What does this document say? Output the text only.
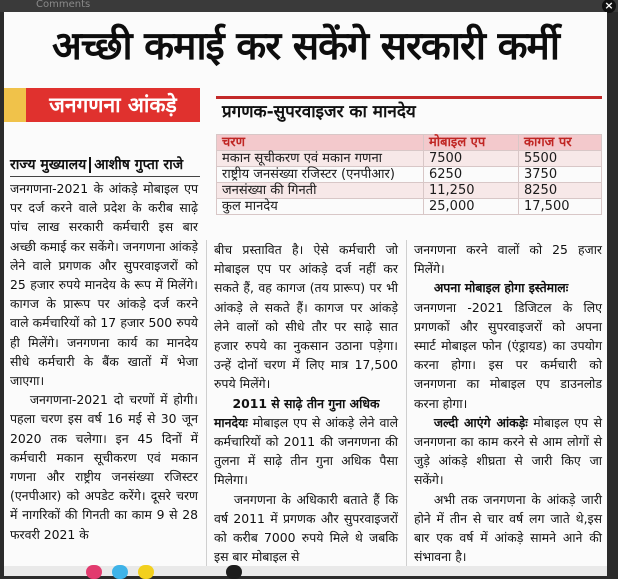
Comments	×
अच्छी कमाई कर सकेंगे सरकारी कर्मी
जनगणना आंकड़े	प्रगणक-सुपरवाइजर का मानदेय
चरण	मोबाइल एप	कागज पर
मकान सूचीकरण एवं मकान गणना	7500	5500
राष्ट्रीय जनसंख्या रजिस्टर (एनपीआर)	6250	3750
जनसंख्या की गिनती	11,250	8250
कुल मानदेय	25,000	17,500
राज्य मुख्यालय आशीष गुप्ता राजे

जनगणना-2021 के आंकड़े मोबाइल एप पर दर्ज करने वाले प्रदेश के करीब साढ़े पांच लाख सरकारी कर्मचारी इस बार अच्छी कमाई कर सकेंगे। जनगणना आंकड़े लेने वाले प्रगणक और सुपरवाइजरों को 25 हजार रुपये मानदेय के रूप में मिलेंगे। कागज के प्रारूप पर आंकड़े दर्ज करने वाले कर्मचारियों को 17 हजार 500 रुपये ही मिलेंगे। जनगणना कार्य का मानदेय सीधे कर्मचारी के बैंक खातों में भेजा जाएगा।

जनगणना-2021 दो चरणों में होगी। पहला चरण इस वर्ष 16 मई से 30 जून 2020 तक चलेगा। इन 45 दिनों में कर्मचारी मकान सूचीकरण एवं मकान गणना और राष्ट्रीय जनसंख्या रजिस्टर (एनपीआर) को अपडेट करेंगे। दूसरे चरण में नागरिकों की गिनती का काम 9 से 28 फरवरी 2021 के

बीच प्रस्तावित है। ऐसे कर्मचारी जो मोबाइल एप पर आंकड़े दर्ज नहीं कर सकते हैं, वह कागज (तय प्रारूप) पर भी आंकड़े ले सकते हैं। कागज पर आंकड़े लेने वालों को सीधे तौर पर साढ़े सात हजार रुपये का नुकसान उठाना पड़ेगा। उन्हें दोनों चरण में लिए मात्र 17,500 रुपये मिलेंगे।

2011 से साढ़े तीन गुना अधिक

मानदेयः मोबाइल एप से आंकड़े लेने वाले कर्मचारियों को 2011 की जनगणना की तुलना में साढ़े तीन गुना अधिक पैसा मिलेगा।

जनगणना के अधिकारी बताते हैं कि वर्ष 2011 में प्रगणक और सुपरवाइजरों को करीब 7000 रुपये मिले थे जबकि इस बार मोबाइल से

जनगणना करने वालों को 25 हजार मिलेंगे।

अपना मोबाइल होगा इस्तेमालः

जनगणना -2021 डिजिटल के लिए प्रगणकों और सुपरवाइजरों को अपना स्मार्ट मोबाइल फोन (एंड्रायड) का उपयोग करना होगा। इस पर कर्मचारी को जनगणना का मोबाइल एप डाउनलोड करना होगा।

जल्दी आएंगे आंकड़ेः मोबाइल एप से जनगणना का काम करने से आम लोगों से जुड़े आंकड़े शीघ्रता से जारी किए जा सकेंगे।

अभी तक जनगणना के आंकड़े जारी होने में तीन से चार वर्ष लग जाते थे,इस बार एक वर्ष में आंकड़े सामने आने की संभावना है।
